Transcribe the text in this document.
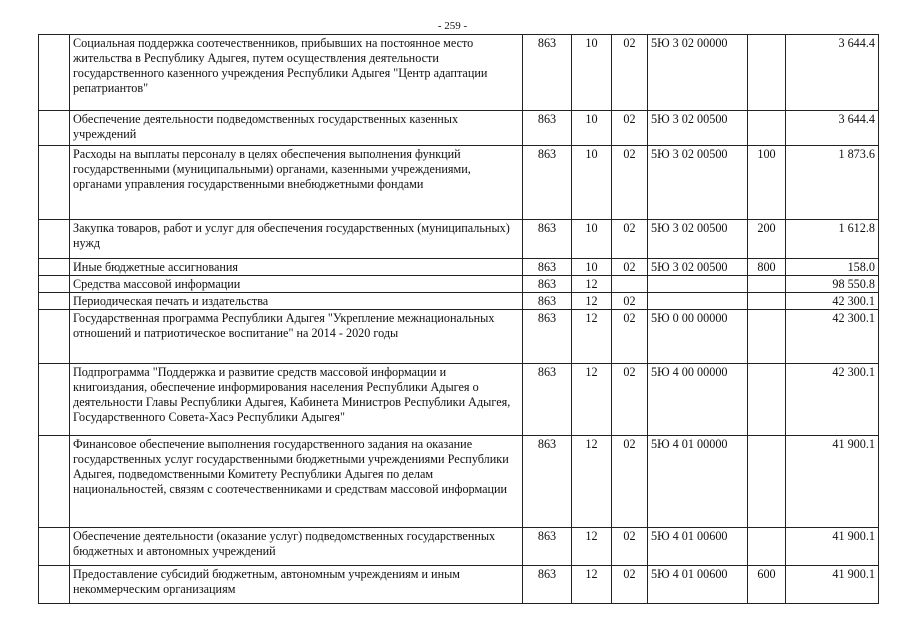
- 259 -
	Социальная поддержка соотечественников, прибывших на постоянное место жительства в Республику Адыгея, путем осуществления деятельности государственного казенного учреждения Республики Адыгея "Центр адаптации репатриантов"	863	10	02	5Ю 3 02 00000		3 644.4
	Обеспечение деятельности подведомственных государственных казенных учреждений	863	10	02	5Ю 3 02 00500		3 644.4
	Расходы на выплаты персоналу в целях обеспечения выполнения функций государственными (муниципальными) органами, казенными учреждениями, органами управления государственными внебюджетными фондами	863	10	02	5Ю 3 02 00500	100	1 873.6
	Закупка товаров, работ и услуг для обеспечения государственных (муниципальных) нужд	863	10	02	5Ю 3 02 00500	200	1 612.8
	Иные бюджетные ассигнования	863	10	02	5Ю 3 02 00500	800	158.0
	Средства массовой информации	863	12				98 550.8
	Периодическая печать и издательства	863	12	02			42 300.1
	Государственная программа Республики Адыгея "Укрепление межнациональных отношений и патриотическое воспитание" на 2014 - 2020 годы	863	12	02	5Ю 0 00 00000		42 300.1
	Подпрограмма "Поддержка и развитие средств массовой информации и книгоиздания, обеспечение информирования населения Республики Адыгея о деятельности Главы Республики Адыгея, Кабинета Министров Республики Адыгея, Государственного Совета-Хасэ Республики Адыгея"	863	12	02	5Ю 4 00 00000		42 300.1
	Финансовое обеспечение выполнения государственного задания на оказание государственных услуг государственными бюджетными учреждениями Республики Адыгея, подведомственными Комитету Республики Адыгея по делам национальностей, связям с соотечественниками и средствам массовой информации	863	12	02	5Ю 4 01 00000		41 900.1
	Обеспечение деятельности (оказание услуг) подведомственных государственных бюджетных и автономных учреждений	863	12	02	5Ю 4 01 00600		41 900.1
	Предоставление субсидий бюджетным, автономным учреждениям и иным некоммерческим организациям	863	12	02	5Ю 4 01 00600	600	41 900.1
